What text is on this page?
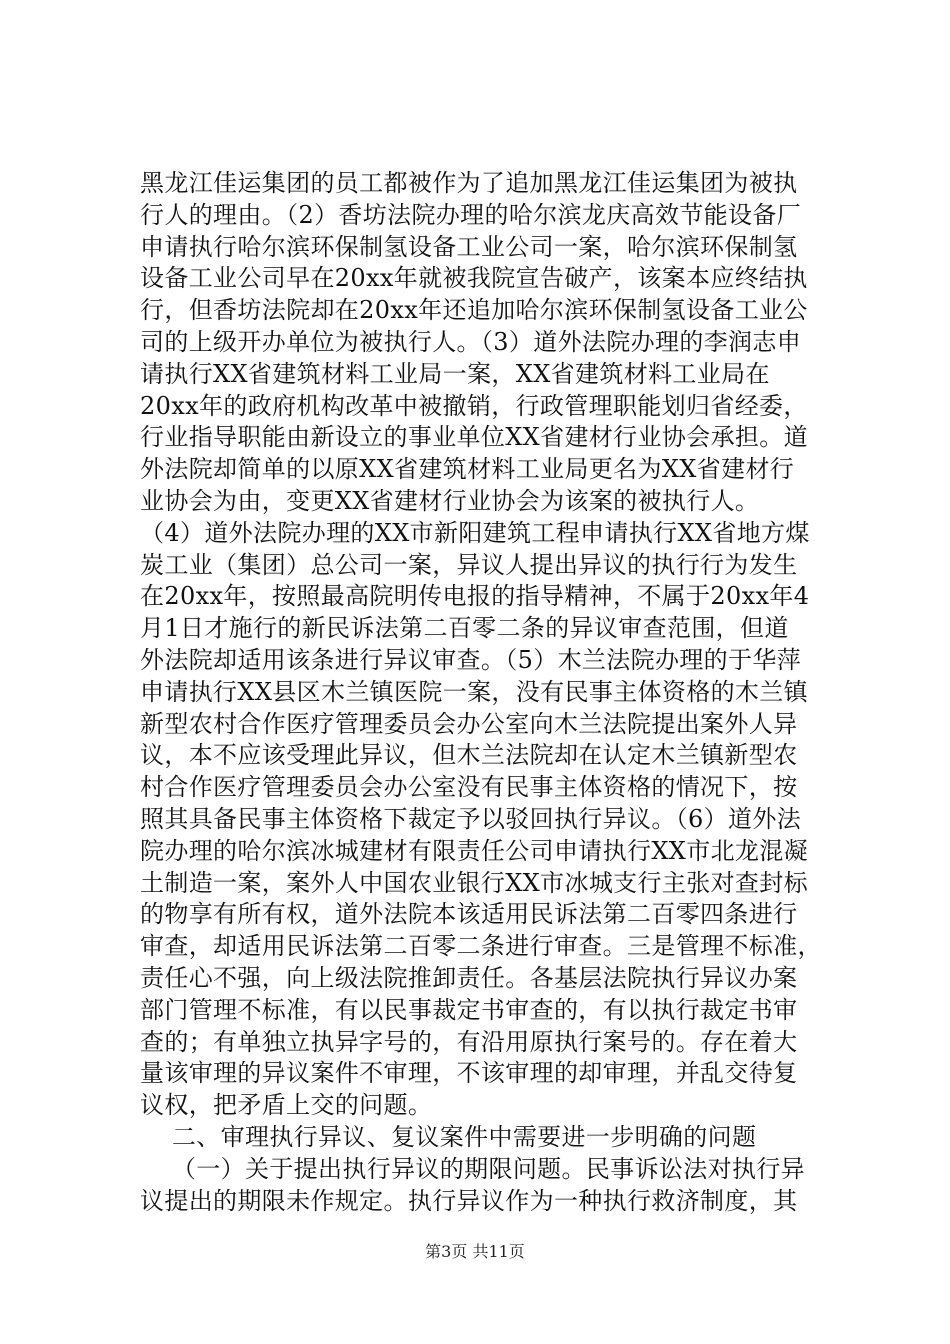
黑龙江佳运集团的员工都被作为了追加黑龙江佳运集团为被执
行人的理由。（2）香坊法院办理的哈尔滨龙庆高效节能设备厂
申请执行哈尔滨环保制氢设备工业公司一案，哈尔滨环保制氢
设备工业公司早在20xx年就被我院宣告破产，该案本应终结执
行，但香坊法院却在20xx年还追加哈尔滨环保制氢设备工业公
司的上级开办单位为被执行人。（3）道外法院办理的李润志申
请执行XX省建筑材料工业局一案，XX省建筑材料工业局在
20xx年的政府机构改革中被撤销，行政管理职能划归省经委，
行业指导职能由新设立的事业单位XX省建材行业协会承担。道
外法院却简单的以原XX省建筑材料工业局更名为XX省建材行
业协会为由，变更XX省建材行业协会为该案的被执行人。
（4）道外法院办理的XX市新阳建筑工程申请执行XX省地方煤
炭工业（集团）总公司一案，异议人提出异议的执行行为发生
在20xx年，按照最高院明传电报的指导精神，不属于20xx年4
月1日才施行的新民诉法第二百零二条的异议审查范围，但道
外法院却适用该条进行异议审查。（5）木兰法院办理的于华萍
申请执行XX县区木兰镇医院一案，没有民事主体资格的木兰镇
新型农村合作医疗管理委员会办公室向木兰法院提出案外人异
议，本不应该受理此异议，但木兰法院却在认定木兰镇新型农
村合作医疗管理委员会办公室没有民事主体资格的情况下，按
照其具备民事主体资格下裁定予以驳回执行异议。（6）道外法
院办理的哈尔滨冰城建材有限责任公司申请执行XX市北龙混凝
土制造一案，案外人中国农业银行XX市冰城支行主张对查封标
的物享有所有权，道外法院本该适用民诉法第二百零四条进行
审查，却适用民诉法第二百零二条进行审查。三是管理不标准，
责任心不强，向上级法院推卸责任。各基层法院执行异议办案
部门管理不标准，有以民事裁定书审查的，有以执行裁定书审
查的；有单独立执异字号的，有沿用原执行案号的。存在着大
量该审理的异议案件不审理，不该审理的却审理，并乱交待复
议权，把矛盾上交的问题。
二、审理执行异议、复议案件中需要进一步明确的问题
（一）关于提出执行异议的期限问题。民事诉讼法对执行异
议提出的期限未作规定。执行异议作为一种执行救济制度，其
第3页 共11页
